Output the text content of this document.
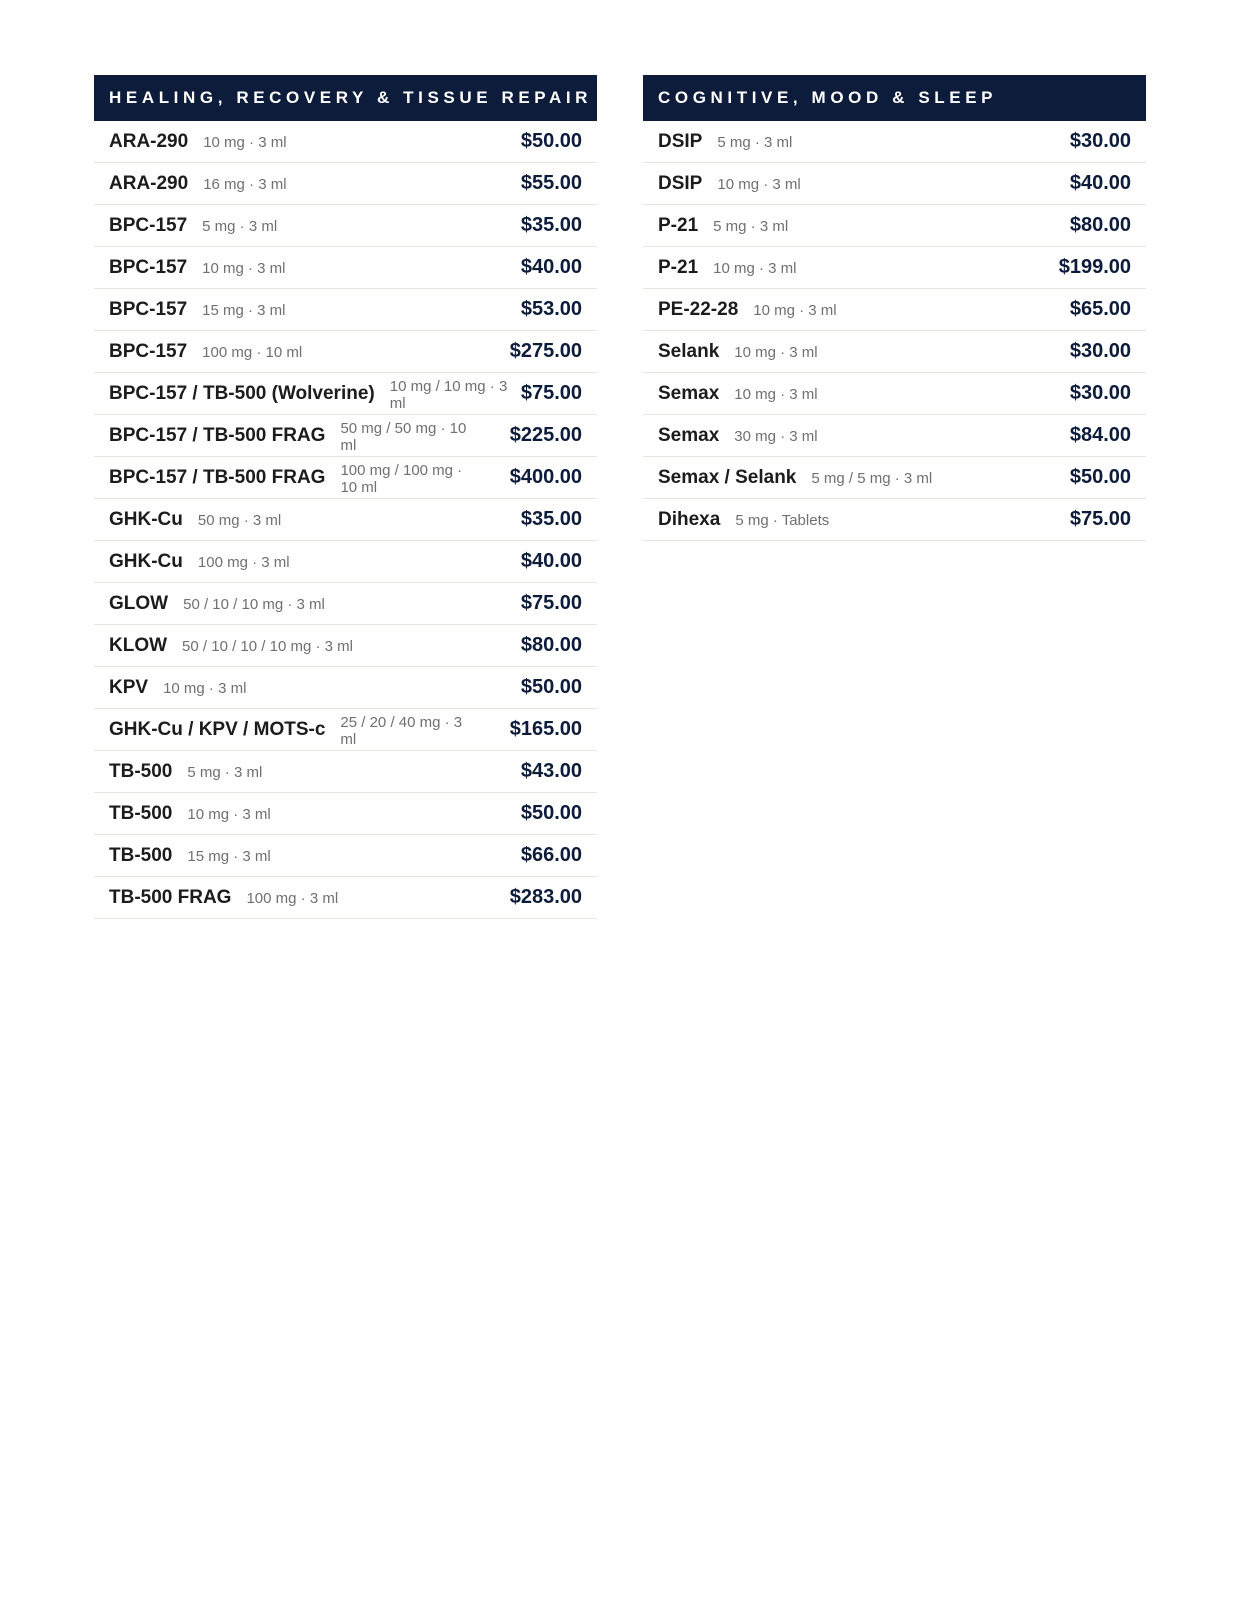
HEALING, RECOVERY & TISSUE REPAIR
ARA-290 10 mg · 3 ml	$50.00
ARA-290 16 mg · 3 ml	$55.00
BPC-157 5 mg · 3 ml	$35.00
BPC-157 10 mg · 3 ml	$40.00
BPC-157 15 mg · 3 ml	$53.00
BPC-157 100 mg · 10 ml	$275.00
BPC-157 / TB-500 (Wolverine) 10 mg / 10 mg · 3 ml	$75.00
BPC-157 / TB-500 FRAG 50 mg / 50 mg · 10 ml	$225.00
BPC-157 / TB-500 FRAG 100 mg / 100 mg · 10 ml	$400.00
GHK-Cu 50 mg · 3 ml	$35.00
GHK-Cu 100 mg · 3 ml	$40.00
GLOW 50 / 10 / 10 mg · 3 ml	$75.00
KLOW 50 / 10 / 10 / 10 mg · 3 ml	$80.00
KPV 10 mg · 3 ml	$50.00
GHK-Cu / KPV / MOTS-c 25 / 20 / 40 mg · 3 ml	$165.00
TB-500 5 mg · 3 ml	$43.00
TB-500 10 mg · 3 ml	$50.00
TB-500 15 mg · 3 ml	$66.00
TB-500 FRAG 100 mg · 3 ml	$283.00
COGNITIVE, MOOD & SLEEP
DSIP 5 mg · 3 ml	$30.00
DSIP 10 mg · 3 ml	$40.00
P-21 5 mg · 3 ml	$80.00
P-21 10 mg · 3 ml	$199.00
PE-22-28 10 mg · 3 ml	$65.00
Selank 10 mg · 3 ml	$30.00
Semax 10 mg · 3 ml	$30.00
Semax 30 mg · 3 ml	$84.00
Semax / Selank 5 mg / 5 mg · 3 ml	$50.00
Dihexa 5 mg · Tablets	$75.00
